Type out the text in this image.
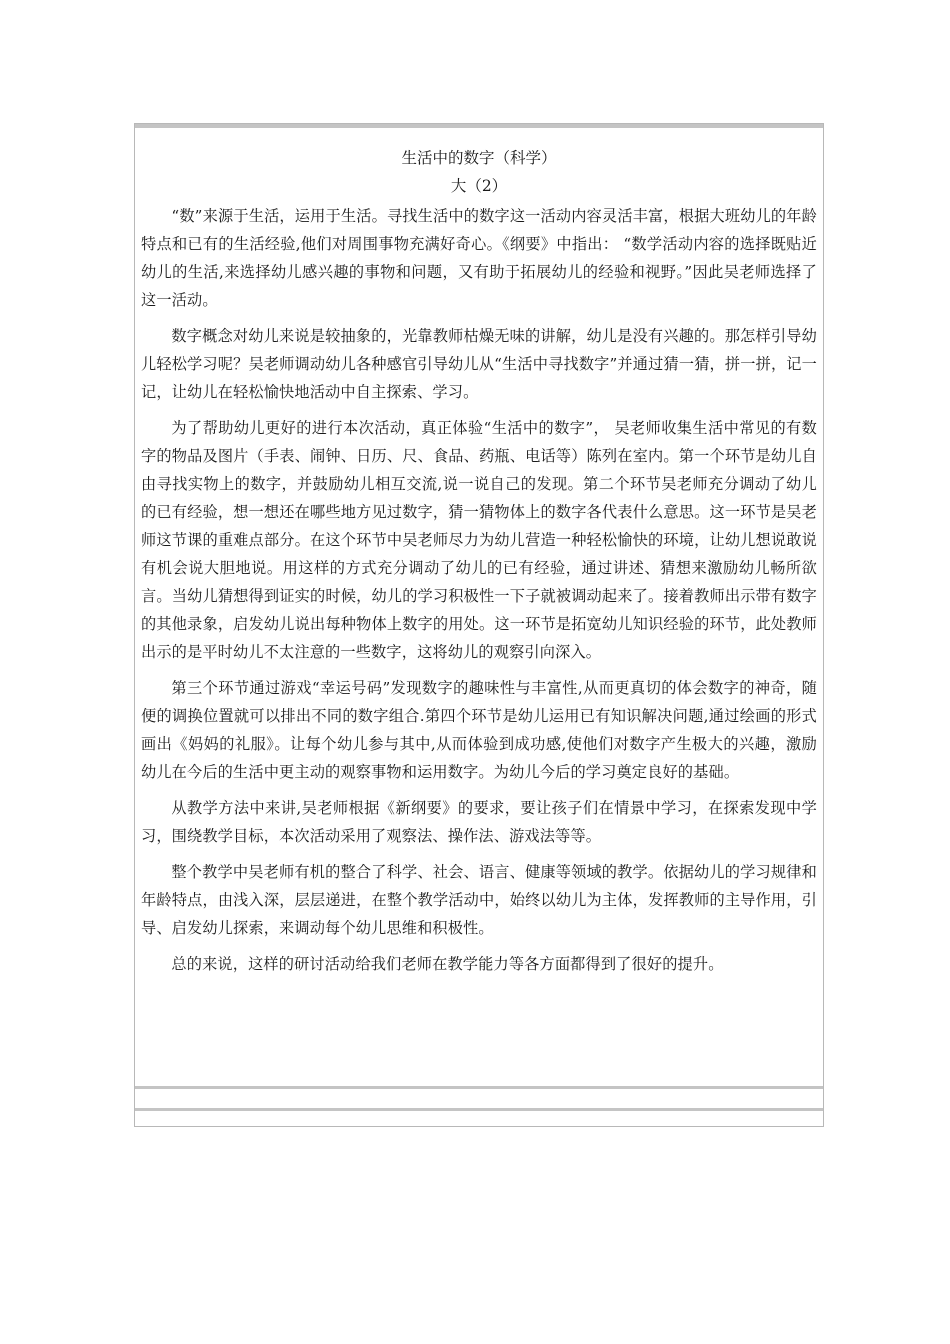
生活中的数字（科学）
大（2）

“数”来源于生活，运用于生活。寻找生活中的数字这一活动内容灵活丰富，根据大班幼儿的年龄特点和已有的生活经验,他们对周围事物充满好奇心。《纲要》中指出： “数学活动内容的选择既贴近幼儿的生活,来选择幼儿感兴趣的事物和问题，又有助于拓展幼儿的经验和视野。”因此吴老师选择了这一活动。

数字概念对幼儿来说是较抽象的，光靠教师枯燥无味的讲解，幼儿是没有兴趣的。那怎样引导幼儿轻松学习呢？吴老师调动幼儿各种感官引导幼儿从“生活中寻找数字”并通过猜一猜，拼一拼，记一记，让幼儿在轻松愉快地活动中自主探索、学习。

为了帮助幼儿更好的进行本次活动，真正体验“生活中的数字”， 吴老师收集生活中常见的有数字的物品及图片（手表、闹钟、日历、尺、食品、药瓶、电话等）陈列在室内。第一个环节是幼儿自由寻找实物上的数字，并鼓励幼儿相互交流,说一说自己的发现。第二个环节吴老师充分调动了幼儿的已有经验，想一想还在哪些地方见过数字，猜一猜物体上的数字各代表什么意思。这一环节是吴老师这节课的重难点部分。在这个环节中吴老师尽力为幼儿营造一种轻松愉快的环境，让幼儿想说敢说有机会说大胆地说。用这样的方式充分调动了幼儿的已有经验，通过讲述、猜想来激励幼儿畅所欲言。当幼儿猜想得到证实的时候，幼儿的学习积极性一下子就被调动起来了。接着教师出示带有数字的其他录象，启发幼儿说出每种物体上数字的用处。这一环节是拓宽幼儿知识经验的环节，此处教师出示的是平时幼儿不太注意的一些数字，这将幼儿的观察引向深入。

第三个环节通过游戏“幸运号码”发现数字的趣味性与丰富性,从而更真切的体会数字的神奇，随便的调换位置就可以排出不同的数字组合.第四个环节是幼儿运用已有知识解决问题,通过绘画的形式画出《妈妈的礼服》。让每个幼儿参与其中,从而体验到成功感,使他们对数字产生极大的兴趣，激励幼儿在今后的生活中更主动的观察事物和运用数字。为幼儿今后的学习奠定良好的基础。

从教学方法中来讲,吴老师根据《新纲要》的要求，要让孩子们在情景中学习，在探索发现中学习，围绕教学目标，本次活动采用了观察法、操作法、游戏法等等。

整个教学中吴老师有机的整合了科学、社会、语言、健康等领域的教学。依据幼儿的学习规律和年龄特点，由浅入深，层层递进，在整个教学活动中，始终以幼儿为主体，发挥教师的主导作用，引导、启发幼儿探索，来调动每个幼儿思维和积极性。

总的来说，这样的研讨活动给我们老师在教学能力等各方面都得到了很好的提升。
